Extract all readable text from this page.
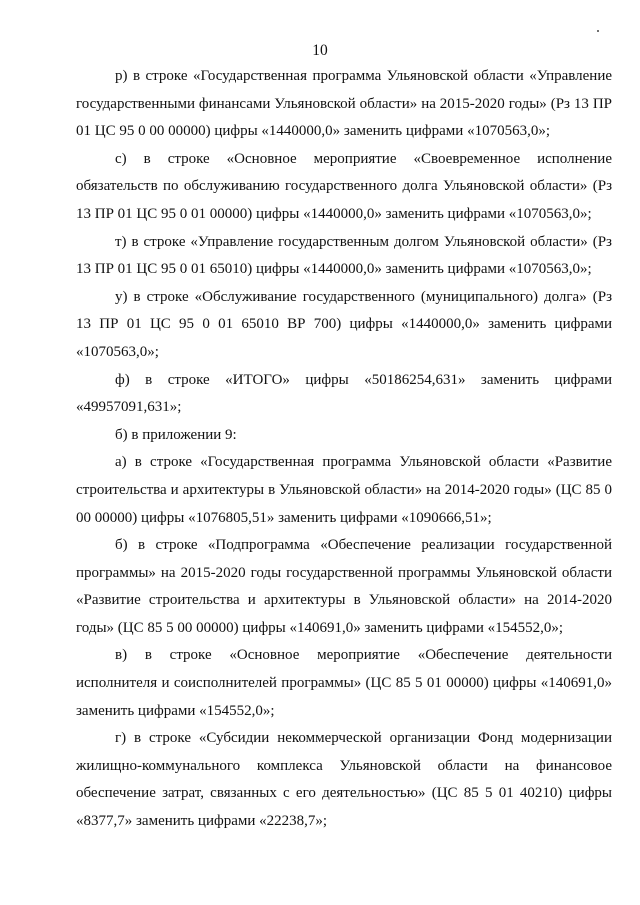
10

р) в строке «Государственная программа Ульяновской области «Управление государственными финансами Ульяновской области» на 2015-2020 годы» (Рз 13 ПР 01 ЦС 95 0 00 00000) цифры «1440000,0» заменить цифрами «1070563,0»;

с) в строке «Основное мероприятие «Своевременное исполнение обязательств по обслуживанию государственного долга Ульяновской области» (Рз 13 ПР 01 ЦС 95 0 01 00000) цифры «1440000,0» заменить цифрами «1070563,0»;

т) в строке «Управление государственным долгом Ульяновской области» (Рз 13 ПР 01 ЦС 95 0 01 65010) цифры «1440000,0» заменить цифрами «1070563,0»;

у) в строке «Обслуживание государственного (муниципального) долга» (Рз 13 ПР 01 ЦС 95 0 01 65010 ВР 700) цифры «1440000,0» заменить цифрами «1070563,0»;

ф) в строке «ИТОГО» цифры «50186254,631» заменить цифрами «49957091,631»;

б) в приложении 9:

а) в строке «Государственная программа Ульяновской области «Развитие строительства и архитектуры в Ульяновской области» на 2014-2020 годы» (ЦС 85 0 00 00000) цифры «1076805,51» заменить цифрами «1090666,51»;

б) в строке «Подпрограмма «Обеспечение реализации государственной программы» на 2015-2020 годы государственной программы Ульяновской области «Развитие строительства и архитектуры в Ульяновской области» на 2014-2020 годы» (ЦС 85 5 00 00000) цифры «140691,0» заменить цифрами «154552,0»;

в) в строке «Основное мероприятие «Обеспечение деятельности исполнителя и соисполнителей программы» (ЦС 85 5 01 00000) цифры «140691,0» заменить цифрами «154552,0»;

г) в строке «Субсидии некоммерческой организации Фонд модернизации жилищно-коммунального комплекса Ульяновской области на финансовое обеспечение затрат, связанных с его деятельностью» (ЦС 85 5 01 40210) цифры «8377,7» заменить цифрами «22238,7»;
